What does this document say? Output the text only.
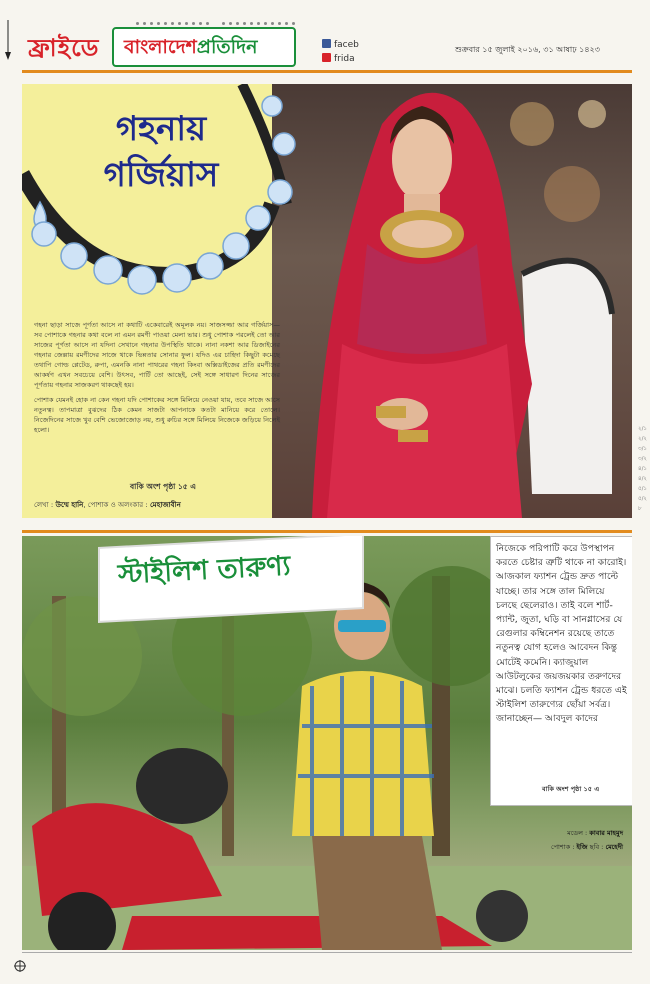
ফ্রাইডে বাংলাদেশপ্রতিদিন	faceb
frida
শুক্রবার ১৫ জুলাই ২০১৬, ৩১ আষাঢ় ১৪২৩
গহনায়
গর্জিয়াস

গহনা ছাড়া সাজে পূর্ণতা আসে না কথাটি একেবারেই অমূলক নয়। সাজসজ্জা আর গর্জিয়াস— সব পোশাকে গহনার কথা বলে না এমন রমণী পাওয়া মেলা ভার। শুধু পোশাক পরলেই তো আর সাজের পূর্ণতা আসে না যদিনা সেখানে গহনার উপস্থিতি থাকে। নানা নকশা আর ডিজাইনের গহনার জেল্লায় রমণীদের সাজে থাকে ভিন্নতার সোনার ফুল। যদিও এর চাহিদা কিছুটা কমেছে তথাপি গোল্ড প্লেটেড, রুপা, এমনকি নানা পাথরের গহনা কিংবা অক্সিডাইজের প্রতি রমণীদের আকর্ষণ এখন সবচেয়ে বেশি। উৎসব, পার্টি তো আছেই, সেই সঙ্গে সাধারণ দিনের সাজের পূর্ণতায় গহনার সাজকরণ থাকছেই হয়।

পোশাক যেমনই হোক না কেন গহনা যদি পোশাকের সঙ্গে মিলিয়ে নেওয়া যায়, তবে সাজে আসে নতুনত্ব। তাপমাত্রা বুঝদের ঠিক কেমন সাজটা আপনাকে কতটা মানিয়ে করে তোলে। নিজেদিনের সাজে খুব বেশি ভেজোজোড় নয়, শুধু রুচির সঙ্গে মিলিয়ে নিজেকে জড়িয়ে নিলেই হলো।

বাকি অংশ পৃষ্ঠা ১৫ এ
লেখা : উম্মে হানি, পোশাক ও অলংকার : মেহাজাবীন
২/১
২/২
৩/১
৩/২
৪/১
৪/২
৫/১
৫/২
৮
স্টাইলিশ তারুণ্য
নিজেকে পরিপাটি করে উপস্থাপন করতে চেষ্টার ত্রুটি থাকে না কারোই। আজকাল ফ্যাশন ট্রেন্ড দ্রুত পাল্টে যাচ্ছে। তার সঙ্গে তাল মিলিয়ে চলছে ছেলেরাও। তাই বলে শার্ট-প্যান্ট, জুতা, ঘড়ি বা সানগ্লাসের যে রেগুলার কম্বিনেশন রয়েছে তাতে নতুনত্ব যোগ হলেও আবেদন কিন্তু মোটেই কমেনি। ক্যাজুয়াল আউটলুকের জয়জয়কার তরুণদের মাঝে। চলতি ফ্যাশন ট্রেন্ড ধরতে এই স্টাইলিশ তারুণ্যের ছোঁয়া সর্বত্র। জানাচ্ছেন— আবদুল কাদের
বাকি অংশ পৃষ্ঠা ১৫ এ
মডেল : কাবার মাহমুদ
পোশাক : ইজি ছবি : মেহেদী
